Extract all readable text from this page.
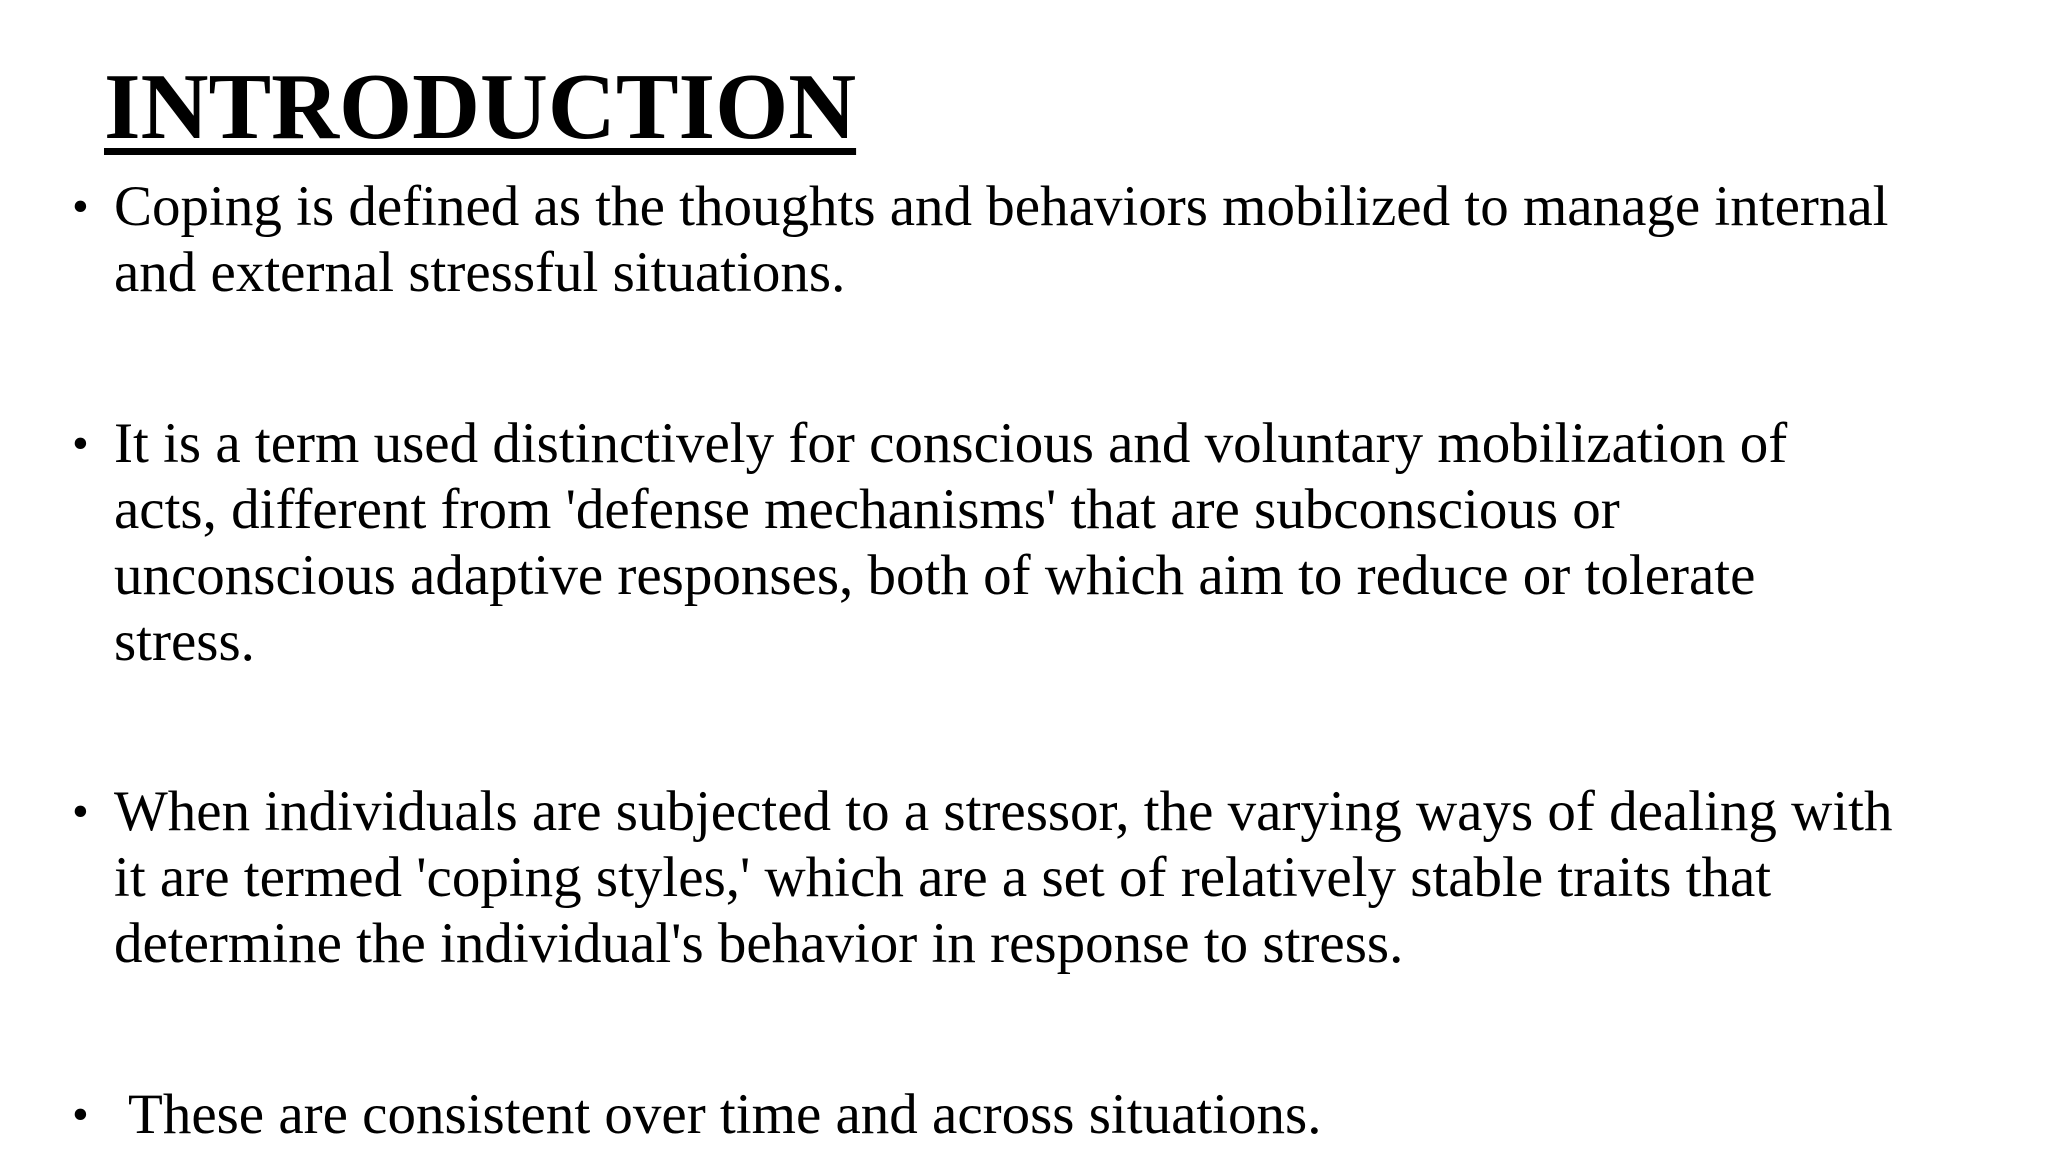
INTRODUCTION
• Coping is defined as the thoughts and behaviors mobilized to manage internal
and external stressful situations.

• It is a term used distinctively for conscious and voluntary mobilization of
acts, different from 'defense mechanisms' that are subconscious or
unconscious adaptive responses, both of which aim to reduce or tolerate
stress.

• When individuals are subjected to a stressor, the varying ways of dealing with
it are termed 'coping styles,' which are a set of relatively stable traits that
determine the individual's behavior in response to stress.

• These are consistent over time and across situations.
